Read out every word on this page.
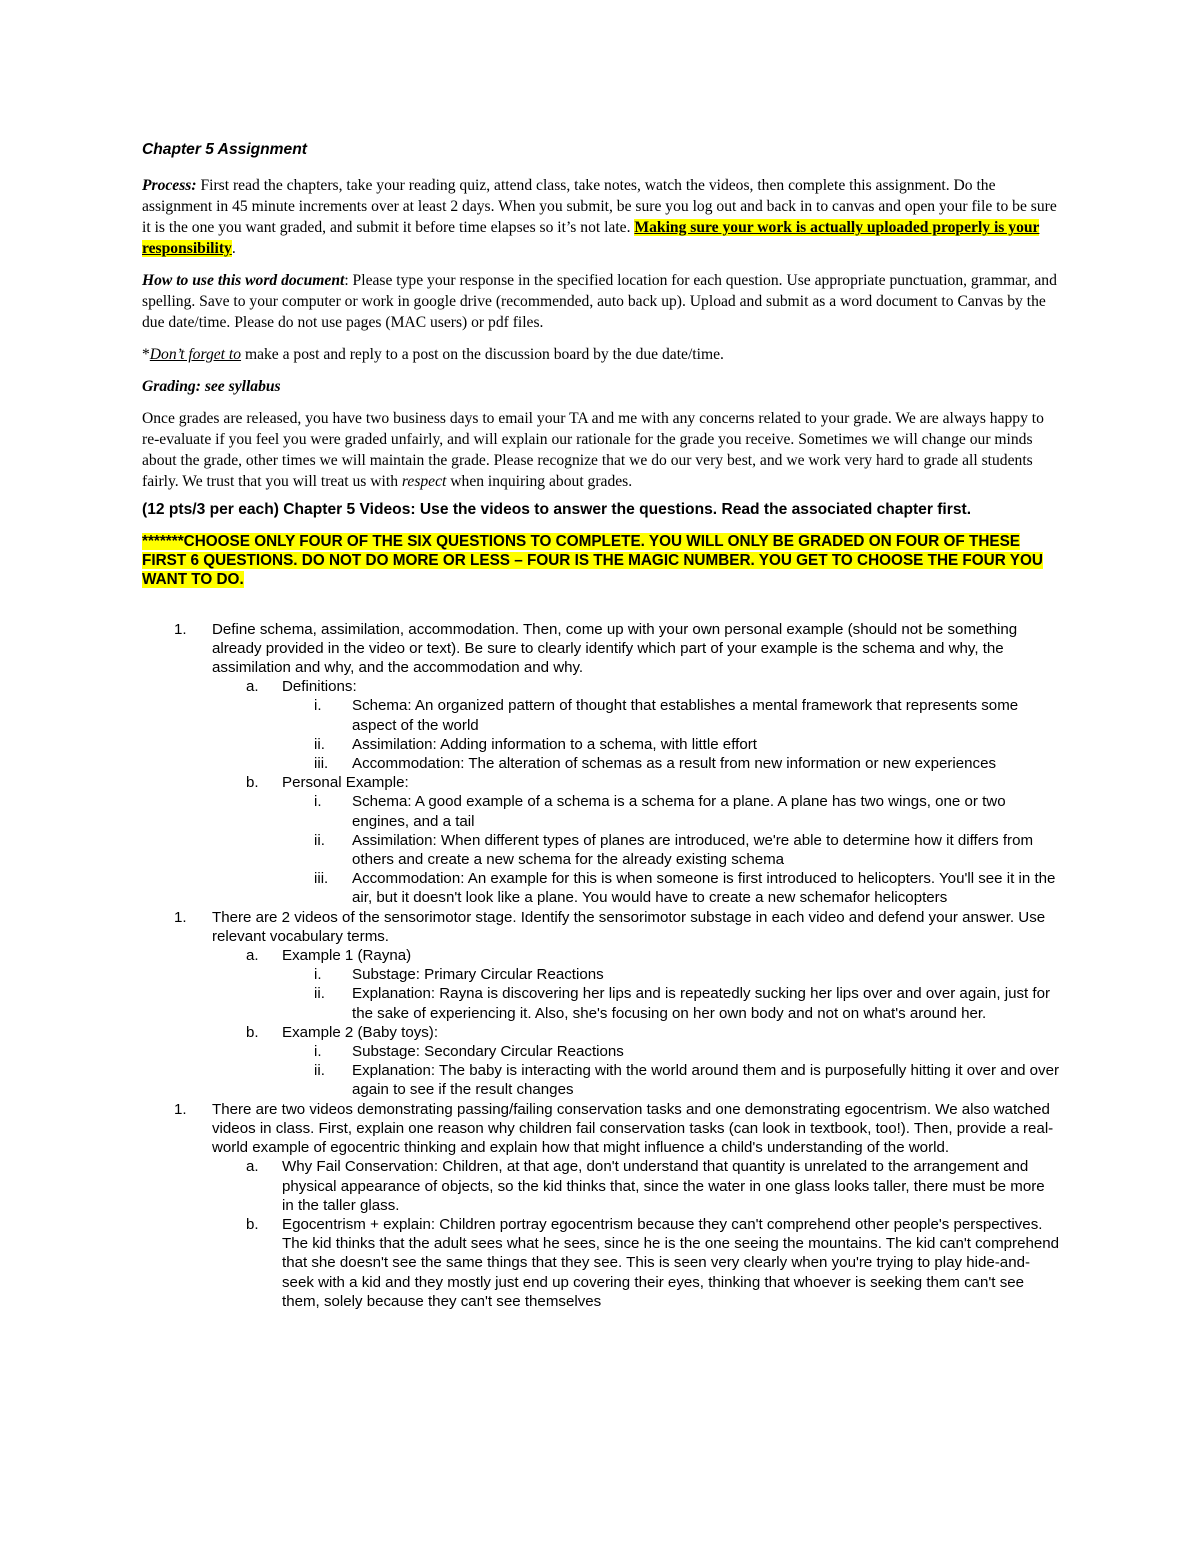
Chapter 5 Assignment

Process: First read the chapters, take your reading quiz, attend class, take notes, watch the videos, then complete this assignment. Do the assignment in 45 minute increments over at least 2 days. When you submit, be sure you log out and back in to canvas and open your file to be sure it is the one you want graded, and submit it before time elapses so it’s not late. Making sure your work is actually uploaded properly is your responsibility.

How to use this word document: Please type your response in the specified location for each question. Use appropriate punctuation, grammar, and spelling. Save to your computer or work in google drive (recommended, auto back up). Upload and submit as a word document to Canvas by the due date/time. Please do not use pages (MAC users) or pdf files.

*Don’t forget to make a post and reply to a post on the discussion board by the due date/time.

Grading: see syllabus

Once grades are released, you have two business days to email your TA and me with any concerns related to your grade. We are always happy to re-evaluate if you feel you were graded unfairly, and will explain our rationale for the grade you receive. Sometimes we will change our minds about the grade, other times we will maintain the grade. Please recognize that we do our very best, and we work very hard to grade all students fairly. We trust that you will treat us with respect when inquiring about grades.

(12 pts/3 per each) Chapter 5 Videos: Use the videos to answer the questions. Read the associated chapter first.

*******CHOOSE ONLY FOUR OF THE SIX QUESTIONS TO COMPLETE. YOU WILL ONLY BE GRADED ON FOUR OF THESE FIRST 6 QUESTIONS. DO NOT DO MORE OR LESS – FOUR IS THE MAGIC NUMBER. YOU GET TO CHOOSE THE FOUR YOU WANT TO DO.

1. Define schema, assimilation, accommodation. Then, come up with your own personal example (should not be something already provided in the video or text). Be sure to clearly identify which part of your example is the schema and why, the assimilation and why, and the accommodation and why.
a. Definitions:
i. Schema: An organized pattern of thought that establishes a mental framework that represents some aspect of the world
ii. Assimilation: Adding information to a schema, with little effort
iii. Accommodation: The alteration of schemas as a result from new information or new experiences
b. Personal Example:
i. Schema: A good example of a schema is a schema for a plane. A plane has two wings, one or two engines, and a tail
ii. Assimilation: When different types of planes are introduced, we're able to determine how it differs from others and create a new schema for the already existing schema
iii. Accommodation: An example for this is when someone is first introduced to helicopters. You'll see it in the air, but it doesn't look like a plane. You would have to create a new schemafor helicopters
1. There are 2 videos of the sensorimotor stage. Identify the sensorimotor substage in each video and defend your answer. Use relevant vocabulary terms.
a. Example 1 (Rayna)
i. Substage: Primary Circular Reactions
ii. Explanation: Rayna is discovering her lips and is repeatedly sucking her lips over and over again, just for the sake of experiencing it. Also, she's focusing on her own body and not on what's around her.
b. Example 2 (Baby toys):
i. Substage: Secondary Circular Reactions
ii. Explanation: The baby is interacting with the world around them and is purposefully hitting it over and over again to see if the result changes
1. There are two videos demonstrating passing/failing conservation tasks and one demonstrating egocentrism. We also watched videos in class. First, explain one reason why children fail conservation tasks (can look in textbook, too!). Then, provide a real-world example of egocentric thinking and explain how that might influence a child's understanding of the world.
a. Why Fail Conservation: Children, at that age, don't understand that quantity is unrelated to the arrangement and physical appearance of objects, so the kid thinks that, since the water in one glass looks taller, there must be more in the taller glass.
b. Egocentrism + explain: Children portray egocentrism because they can't comprehend other people's perspectives. The kid thinks that the adult sees what he sees, since he is the one seeing the mountains. The kid can't comprehend that she doesn't see the same things that they see. This is seen very clearly when you're trying to play hide-and-seek with a kid and they mostly just end up covering their eyes, thinking that whoever is seeking them can't see them, solely because they can't see themselves
